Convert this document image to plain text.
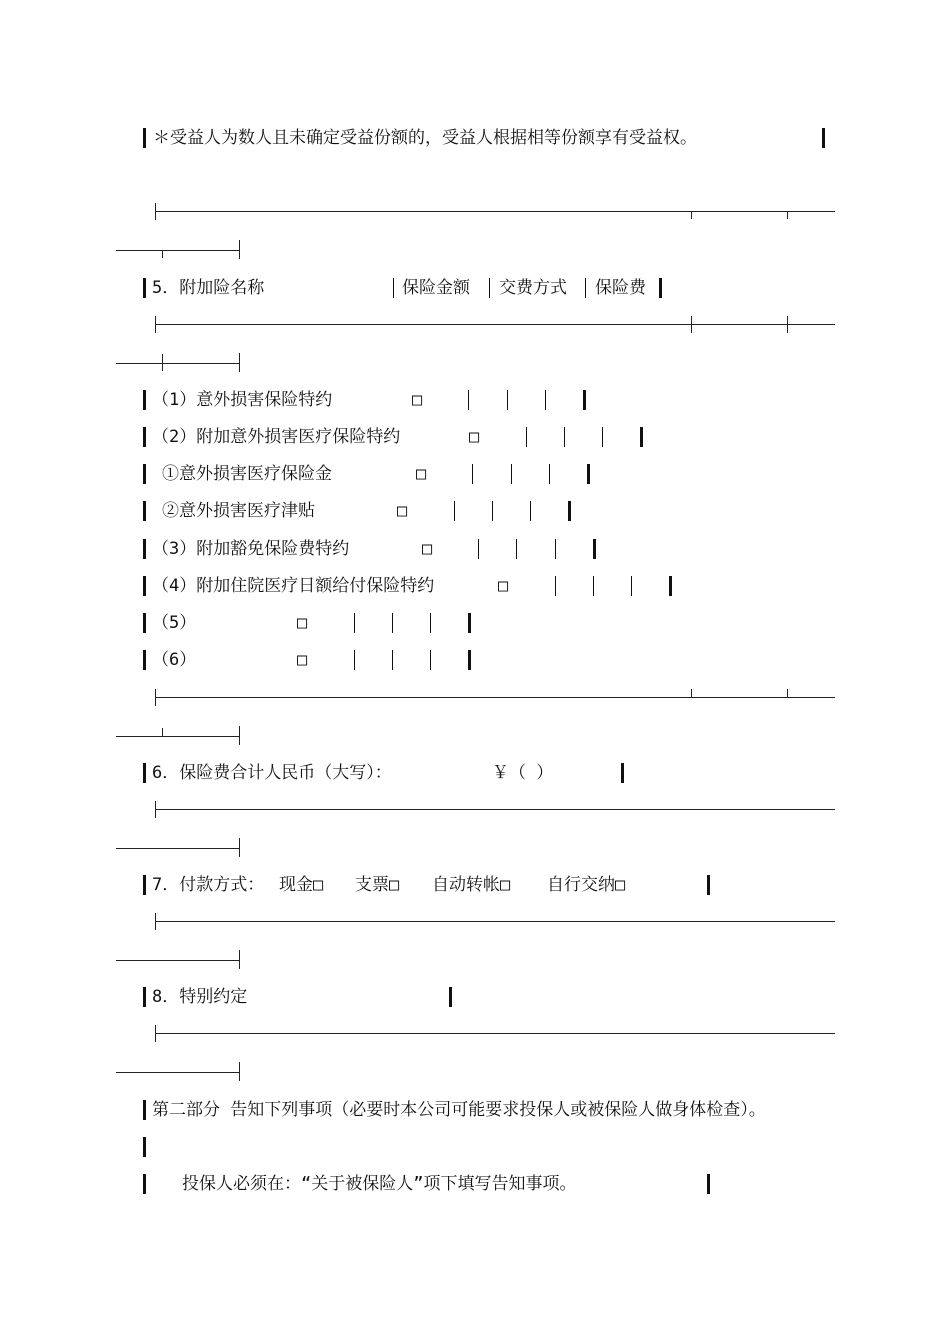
＊受益人为数人且未确定受益份额的，受益人根据相等份额享有受益权。
5．附加险名称	保险金额 交费方式 保险费
（1）意外损害保险特约	□
（2）附加意外损害医疗保险特约	□
①意外损害医疗保险金	□
②意外损害医疗津贴	□
（3）附加豁免保险费特约	□
（4）附加住院医疗日额给付保险特约	□
（5）	□
（6）	□
6．保险费合计人民币（大写）：	￥（ ）
7．付款方式： 现金□ 支票□ 自动转帐□ 自行交纳□
8．特别约定
第二部分 告知下列事项（必要时本公司可能要求投保人或被保险人做身体检查）。
投保人必须在：“关于被保险人”项下填写告知事项。
